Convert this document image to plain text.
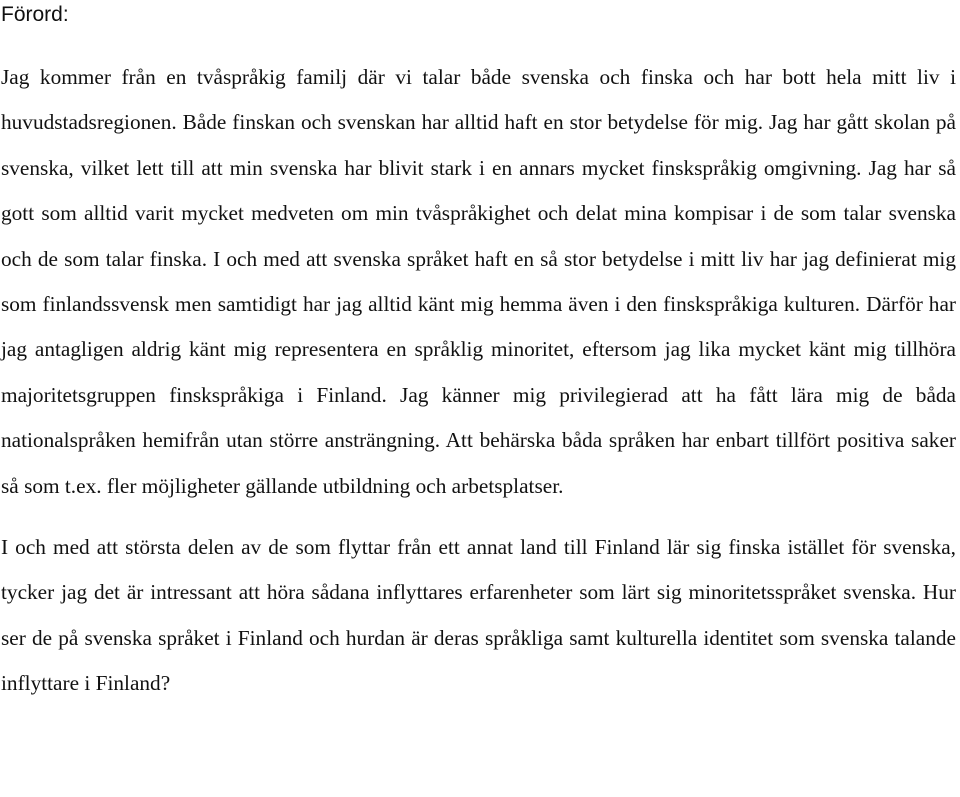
Förord:

Jag kommer från en tvåspråkig familj där vi talar både svenska och finska och har bott hela mitt liv i huvudstadsregionen. Både finskan och svenskan har alltid haft en stor betydelse för mig. Jag har gått skolan på svenska, vilket lett till att min svenska har blivit stark i en annars mycket finskspråkig omgivning. Jag har så gott som alltid varit mycket medveten om min tvåspråkighet och delat mina kompisar i de som talar svenska och de som talar finska. I och med att svenska språket haft en så stor betydelse i mitt liv har jag definierat mig som finlandssvensk men samtidigt har jag alltid känt mig hemma även i den finskspråkiga kulturen. Därför har jag antagligen aldrig känt mig representera en språklig minoritet, eftersom jag lika mycket känt mig tillhöra majoritetsgruppen finskspråkiga i Finland. Jag känner mig privilegierad att ha fått lära mig de båda nationalspråken hemifrån utan större ansträngning. Att behärska båda språken har enbart tillfört positiva saker så som t.ex. fler möjligheter gällande utbildning och arbetsplatser.

I och med att största delen av de som flyttar från ett annat land till Finland lär sig finska istället för svenska, tycker jag det är intressant att höra sådana inflyttares erfarenheter som lärt sig minoritetsspråket svenska. Hur ser de på svenska språket i Finland och hurdan är deras språkliga samt kulturella identitet som svenska talande inflyttare i Finland?
